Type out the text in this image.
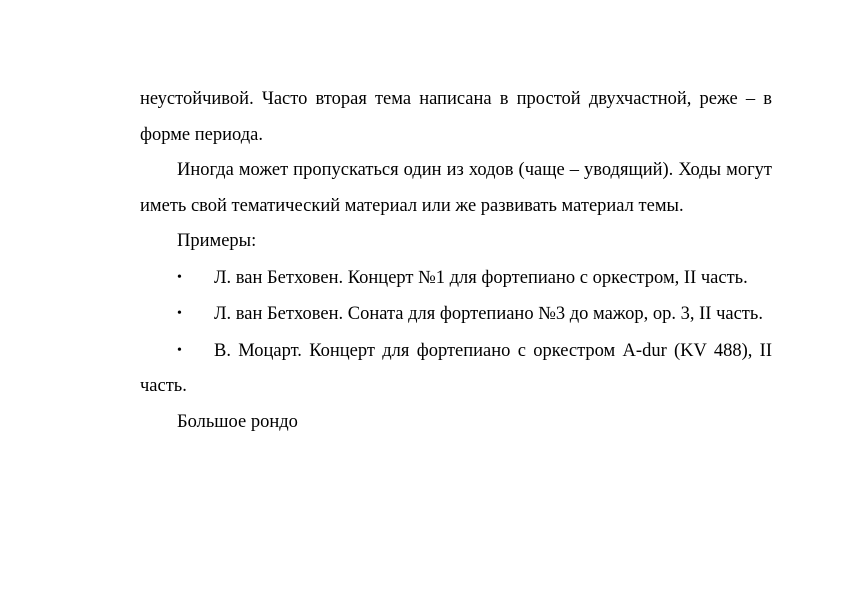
неустойчивой. Часто вторая тема написана в простой двухчастной, реже – в форме периода.

Иногда может пропускаться один из ходов (чаще – уводящий). Ходы могут иметь свой тематический материал или же развивать материал темы.

Примеры:

• Л. ван Бетховен. Концерт №1 для фортепиано с оркестром, II часть.

• Л. ван Бетховен. Соната для фортепиано №3 до мажор, ор. 3, II часть.

• В. Моцарт. Концерт для фортепиано с оркестром A-dur (KV 488), II часть.

Большое рондо
